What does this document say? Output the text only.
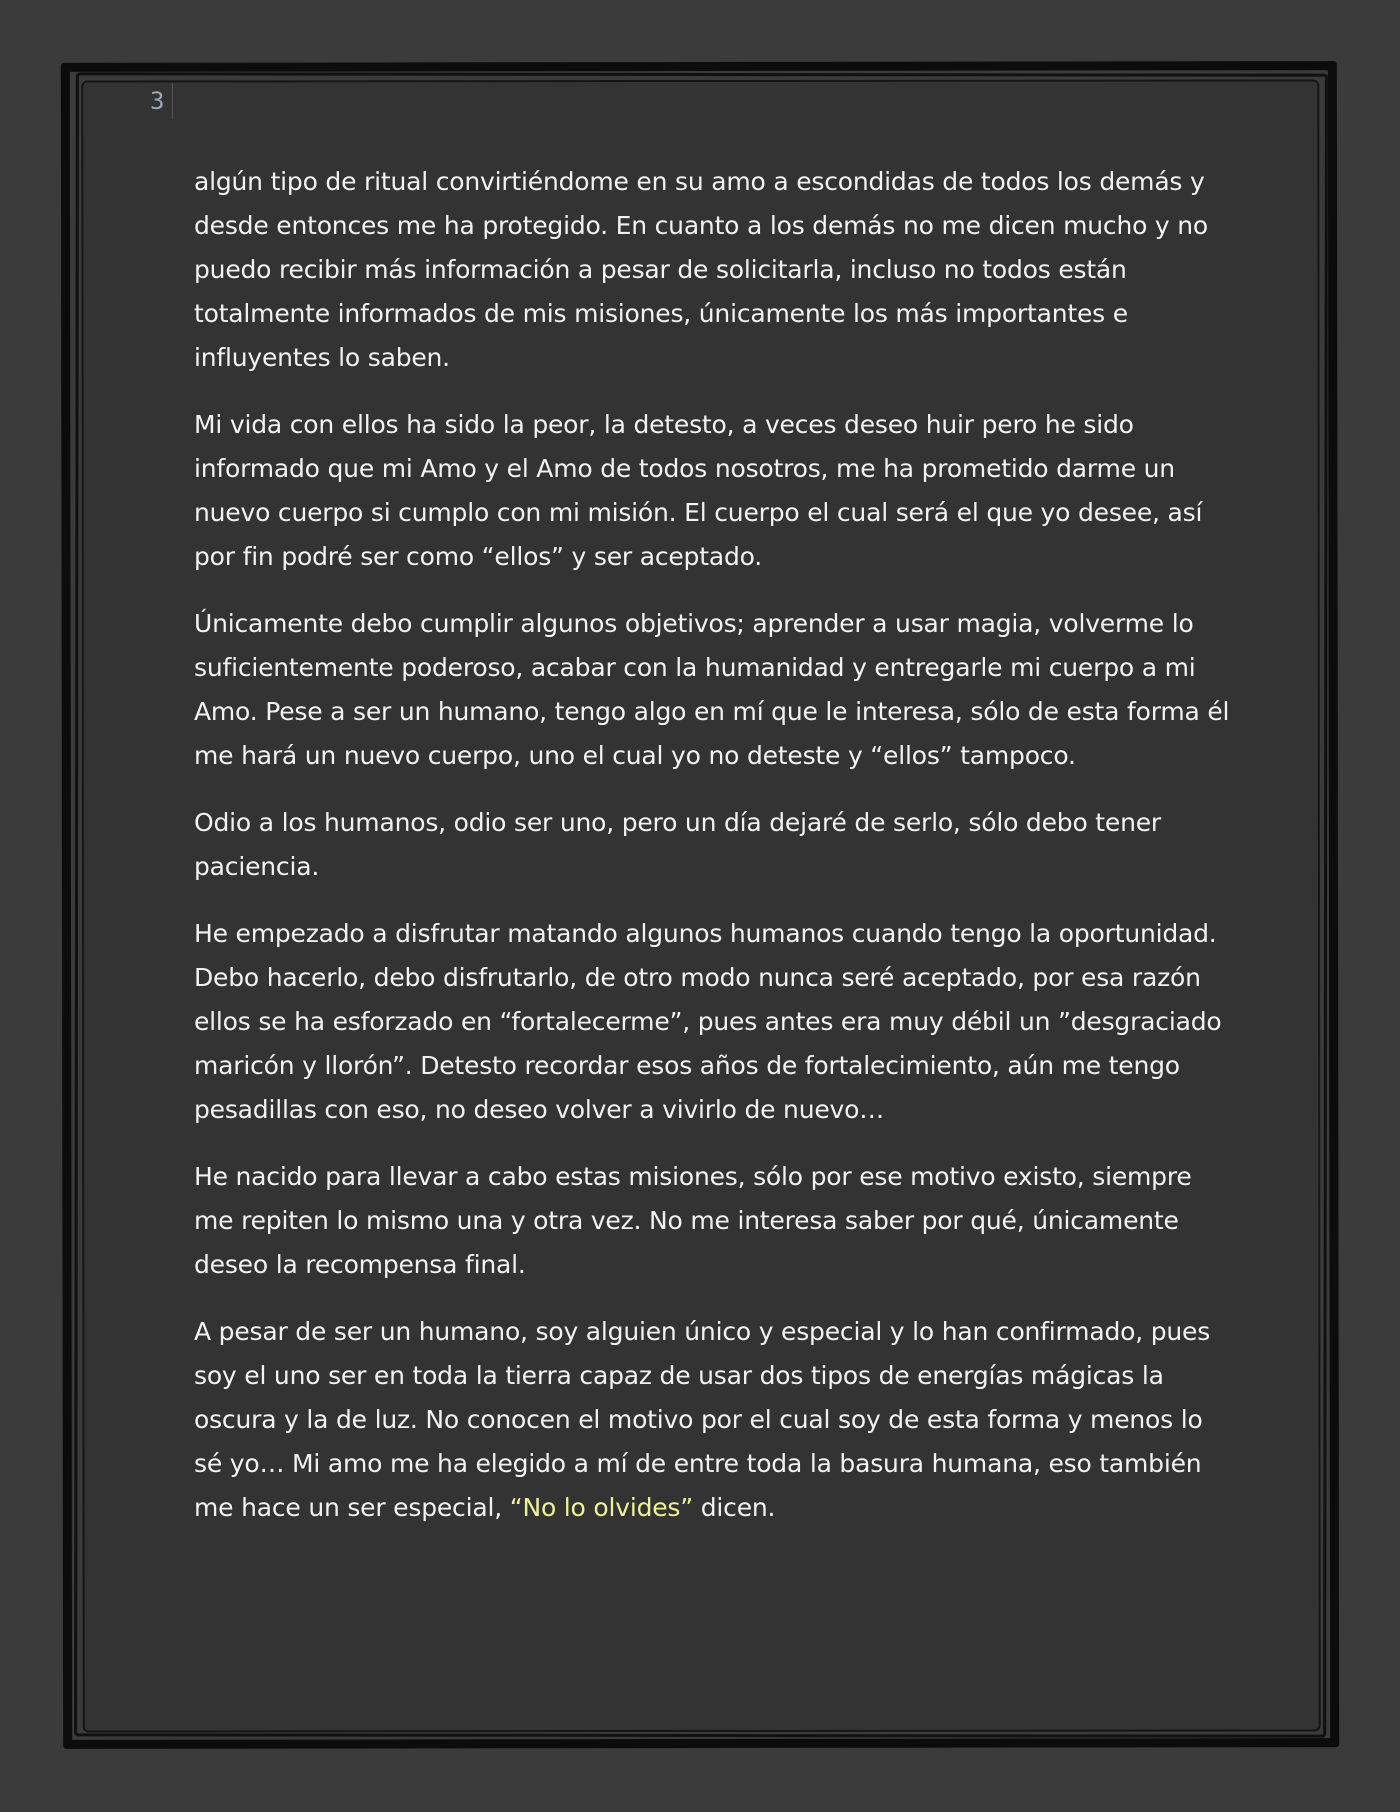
3

algún tipo de ritual convirtiéndome en su amo a escondidas de todos los demás y desde entonces me ha protegido. En cuanto a los demás no me dicen mucho y no puedo recibir más información a pesar de solicitarla, incluso no todos están totalmente informados de mis misiones, únicamente los más importantes e influyentes lo saben.

Mi vida con ellos ha sido la peor, la detesto, a veces deseo huir pero he sido informado que mi Amo y el Amo de todos nosotros, me ha prometido darme un nuevo cuerpo si cumplo con mi misión. El cuerpo el cual será el que yo desee, así por fin podré ser como “ellos” y ser aceptado.

Únicamente debo cumplir algunos objetivos; aprender a usar magia, volverme lo suficientemente poderoso, acabar con la humanidad y entregarle mi cuerpo a mi Amo. Pese a ser un humano, tengo algo en mí que le interesa, sólo de esta forma él me hará un nuevo cuerpo, uno el cual yo no deteste y “ellos” tampoco.

Odio a los humanos, odio ser uno, pero un día dejaré de serlo, sólo debo tener paciencia.

He empezado a disfrutar matando algunos humanos cuando tengo la oportunidad. Debo hacerlo, debo disfrutarlo, de otro modo nunca seré aceptado, por esa razón ellos se ha esforzado en “fortalecerme”, pues antes era muy débil un ”desgraciado maricón y llorón”. Detesto recordar esos años de fortalecimiento, aún me tengo pesadillas con eso, no deseo volver a vivirlo de nuevo…

He nacido para llevar a cabo estas misiones, sólo por ese motivo existo, siempre me repiten lo mismo una y otra vez. No me interesa saber por qué, únicamente deseo la recompensa final.

A pesar de ser un humano, soy alguien único y especial y lo han confirmado, pues soy el uno ser en toda la tierra capaz de usar dos tipos de energías mágicas la oscura y la de luz. No conocen el motivo por el cual soy de esta forma y menos lo sé yo… Mi amo me ha elegido a mí de entre toda la basura humana, eso también me hace un ser especial, “No lo olvides” dicen.
